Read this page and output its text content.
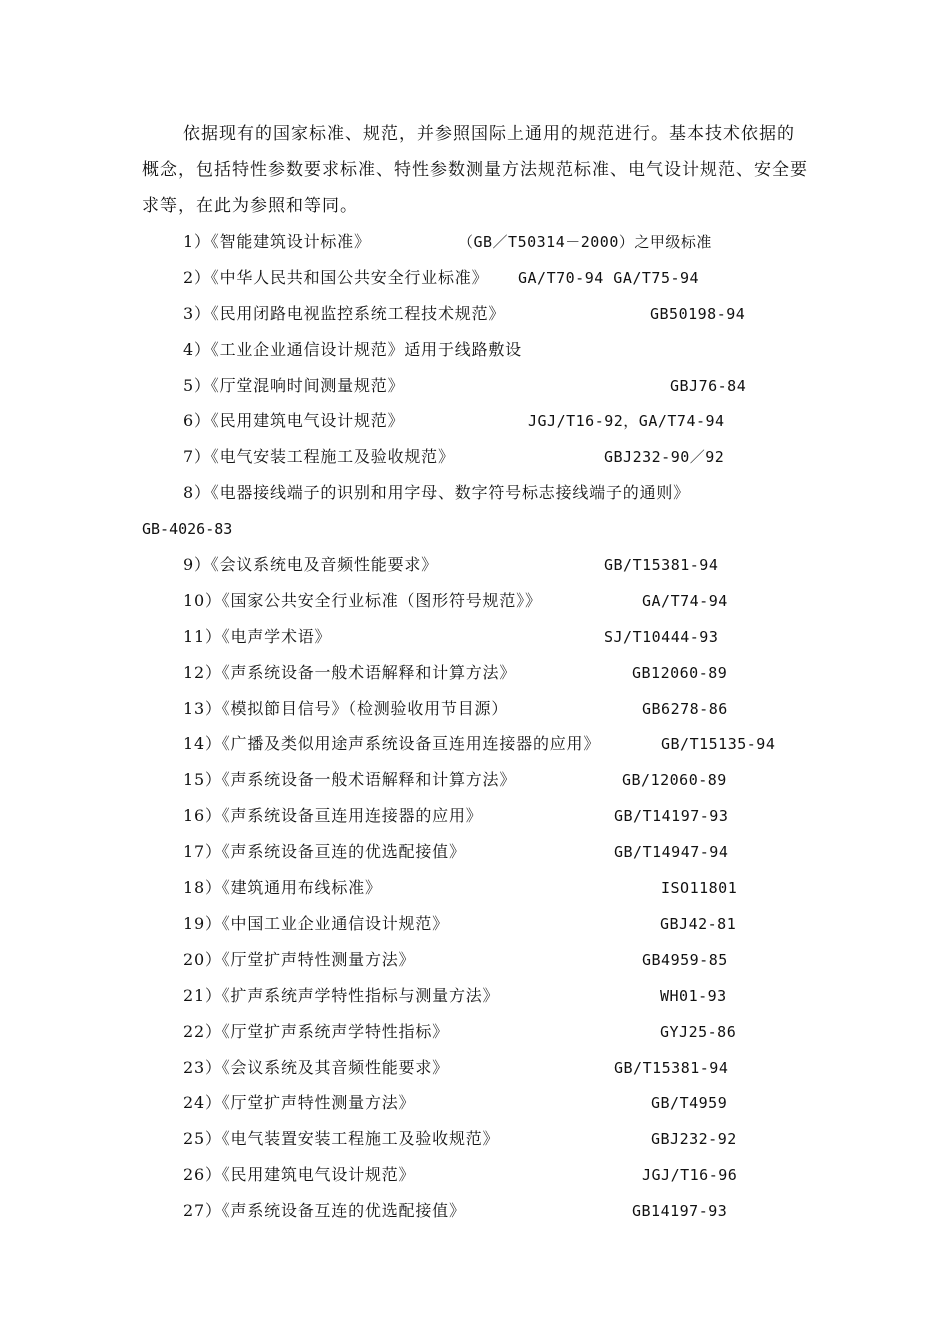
依据现有的国家标准、规范，并参照国际上通用的规范进行。基本技术依据的概念，包括特性参数要求标准、特性参数测量方法规范标准、电气设计规范、安全要求等，在此为参照和等同。

1）《智能建筑设计标准》	（GB／T50314－2000）之甲级标准
2）《中华人民共和国公共安全行业标准》 GA/T70-94 GA/T75-94
3）《民用闭路电视监控系统工程技术规范》	GB50198-94
4）《工业企业通信设计规范》适用于线路敷设
5）《厅堂混响时间测量规范》	GBJ76-84
6）《民用建筑电气设计规范》	JGJ/T16-92，GA/T74-94
7）《电气安装工程施工及验收规范》	GBJ232-90／92
8）《电器接线端子的识别和用字母、数字符号标志接线端子的通则》
GB-4026-83
9）《会议系统电及音频性能要求》	GB/T15381-94
10）《国家公共安全行业标准（图形符号规范》》	GA/T74-94
11）《电声学术语》	SJ/T10444-93
12）《声系统设备一般术语解释和计算方法》	GB12060-89
13）《模拟節目信号》（检测验收用节目源）	GB6278-86
14）《广播及类似用途声系统设备亘连用连接器的应用》	GB/T15135-94
15）《声系统设备一般术语解释和计算方法》	GB/12060-89
16）《声系统设备亘连用连接器的应用》	GB/T14197-93
17）《声系统设备亘连的优选配接值》	GB/T14947-94
18）《建筑通用布线标准》	ISO11801
19）《中国工业企业通信设计规范》	GBJ42-81
20）《厅堂扩声特性测量方法》	GB4959-85
21）《扩声系统声学特性指标与测量方法》	WH01-93
22）《厅堂扩声系统声学特性指标》	GYJ25-86
23）《会议系统及其音频性能要求》	GB/T15381-94
24）《厅堂扩声特性测量方法》	GB/T4959
25）《电气装置安装工程施工及验收规范》	GBJ232-92
26）《民用建筑电气设计规范》	JGJ/T16-96
27）《声系统设备互连的优选配接值》	GB14197-93
